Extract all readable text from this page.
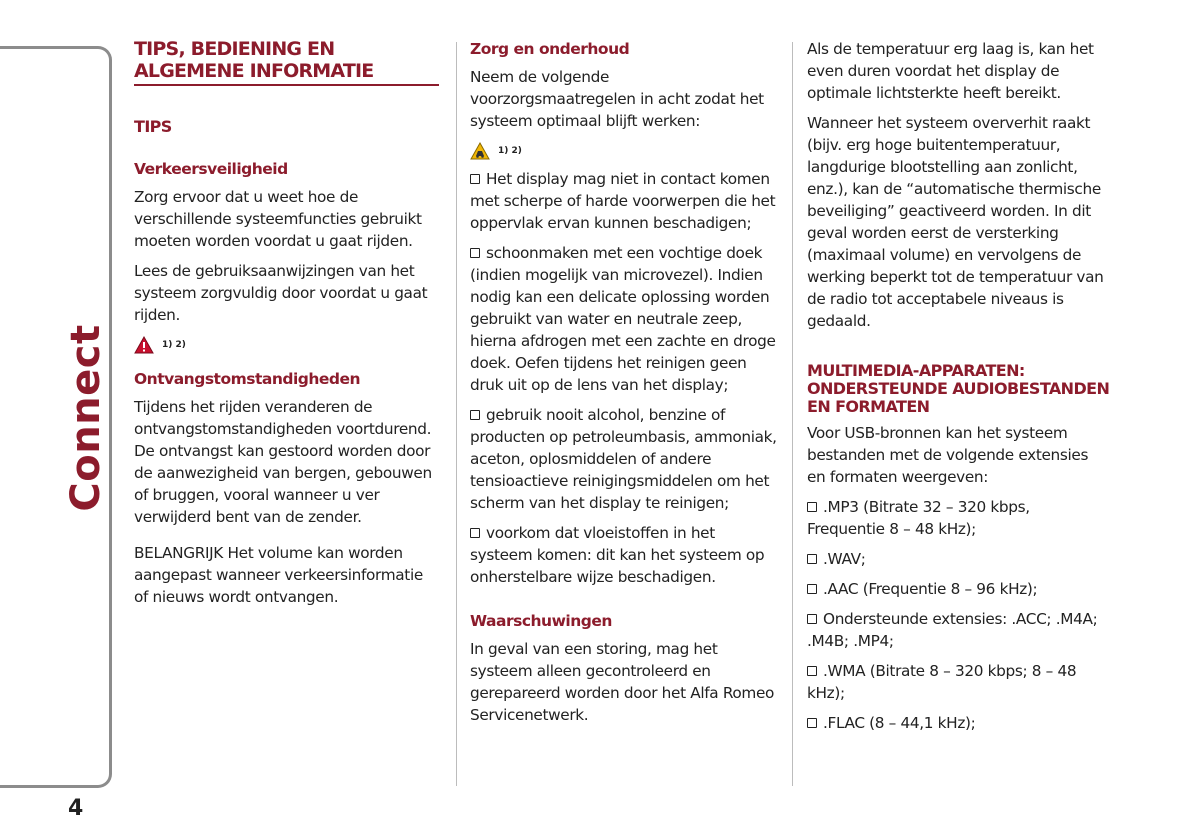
Connect
4
TIPS, BEDIENING EN ALGEMENE INFORMATIE
TIPS
Verkeersveiligheid

Zorg ervoor dat u weet hoe de verschillende systeemfuncties gebruikt moeten worden voordat u gaat rijden.

Lees de gebruiksaanwijzingen van het systeem zorgvuldig door voordat u gaat rijden.

1) 2)
Ontvangstomstandigheden

Tijdens het rijden veranderen de ontvangstomstandigheden voortdurend. De ontvangst kan gestoord worden door de aanwezigheid van bergen, gebouwen of bruggen, vooral wanneer u ver verwijderd bent van de zender.

BELANGRIJK Het volume kan worden aangepast wanneer verkeersinformatie of nieuws wordt ontvangen.

Zorg en onderhoud

Neem de volgende voorzorgsmaatregelen in acht zodat het systeem optimaal blijft werken:

1) 2)

Het display mag niet in contact komen met scherpe of harde voorwerpen die het oppervlak ervan kunnen beschadigen;

schoonmaken met een vochtige doek (indien mogelijk van microvezel). Indien nodig kan een delicate oplossing worden gebruikt van water en neutrale zeep, hierna afdrogen met een zachte en droge doek. Oefen tijdens het reinigen geen druk uit op de lens van het display;

gebruik nooit alcohol, benzine of producten op petroleumbasis, ammoniak, aceton, oplosmiddelen of andere tensioactieve reinigingsmiddelen om het scherm van het display te reinigen;

voorkom dat vloeistoffen in het systeem komen: dit kan het systeem op onherstelbare wijze beschadigen.

Waarschuwingen

In geval van een storing, mag het systeem alleen gecontroleerd en gerepareerd worden door het Alfa Romeo Servicenetwerk.

Als de temperatuur erg laag is, kan het even duren voordat het display de optimale lichtsterkte heeft bereikt.

Wanneer het systeem oververhit raakt (bijv. erg hoge buitentemperatuur, langdurige blootstelling aan zonlicht, enz.), kan de “automatische thermische beveiliging” geactiveerd worden. In dit geval worden eerst de versterking (maximaal volume) en vervolgens de werking beperkt tot de temperatuur van de radio tot acceptabele niveaus is gedaald.

MULTIMEDIA-APPARATEN: ONDERSTEUNDE AUDIOBESTANDEN EN FORMATEN

Voor USB-bronnen kan het systeem bestanden met de volgende extensies en formaten weergeven:

.MP3 (Bitrate 32 – 320 kbps, Frequentie 8 – 48 kHz);

.WAV;

.AAC (Frequentie 8 – 96 kHz);

Ondersteunde extensies: .ACC; .M4A; .M4B; .MP4;

.WMA (Bitrate 8 – 320 kbps; 8 – 48 kHz);

.FLAC (8 – 44,1 kHz);
